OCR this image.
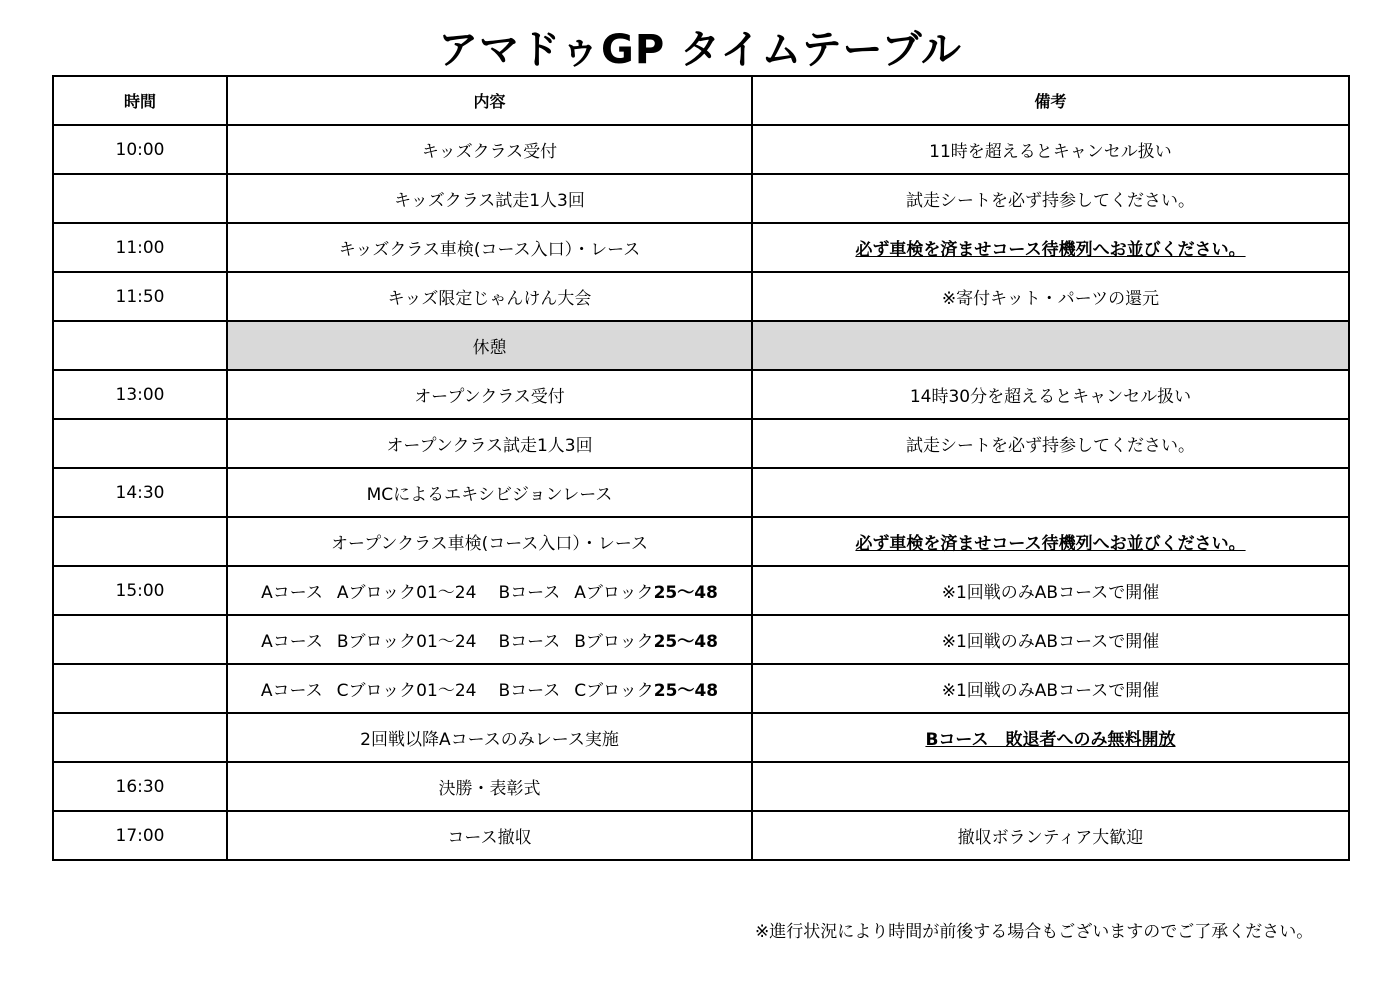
アマドゥGP タイムテーブル
時間	内容	備考
10:00	キッズクラス受付	11時を超えるとキャンセル扱い
	キッズクラス試走1人3回	試走シートを必ず持参してください。
11:00	キッズクラス車検(コース入口）・レース	必ず車検を済ませコース待機列へお並びください。
11:50	キッズ限定じゃんけん大会	※寄付キット・パーツの還元
	休憩	
13:00	オープンクラス受付	14時30分を超えるとキャンセル扱い
	オープンクラス試走1人3回	試走シートを必ず持参してください。
14:30	MCによるエキシビジョンレース	
	オープンクラス車検(コース入口）・レース	必ず車検を済ませコース待機列へお並びください。
15:00	Aコース Aブロック01～24 Bコース Aブロック25～48	※1回戦のみABコースで開催
	Aコース Bブロック01～24 Bコース Bブロック25～48	※1回戦のみABコースで開催
	Aコース Cブロック01～24 Bコース Cブロック25～48	※1回戦のみABコースで開催
	2回戦以降Aコースのみレース実施	Bコース　敗退者へのみ無料開放
16:30	決勝・表彰式	
17:00	コース撤収	撤収ボランティア大歓迎
※進行状況により時間が前後する場合もございますのでご了承ください。
